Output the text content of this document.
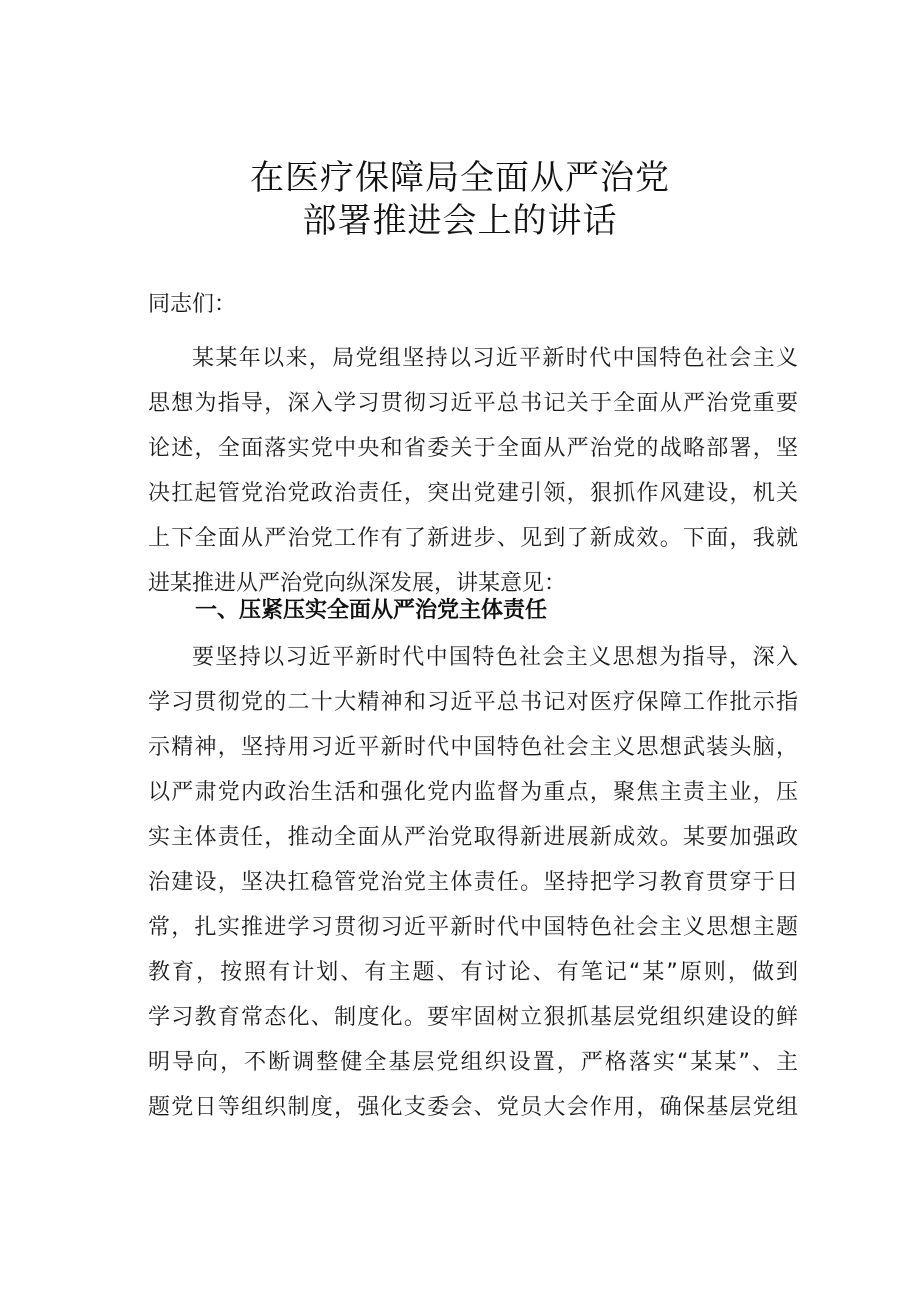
在医疗保障局全面从严治党
部署推进会上的讲话
同志们：
某某年以来，局党组坚持以习近平新时代中国特色社会主义
思想为指导，深入学习贯彻习近平总书记关于全面从严治党重要
论述，全面落实党中央和省委关于全面从严治党的战略部署，坚
决扛起管党治党政治责任，突出党建引领，狠抓作风建设，机关
上下全面从严治党工作有了新进步、见到了新成效。下面，我就
进某推进从严治党向纵深发展，讲某意见：
一、压紧压实全面从严治党主体责任
要坚持以习近平新时代中国特色社会主义思想为指导，深入
学习贯彻党的二十大精神和习近平总书记对医疗保障工作批示指
示精神，坚持用习近平新时代中国特色社会主义思想武装头脑，
以严肃党内政治生活和强化党内监督为重点，聚焦主责主业，压
实主体责任，推动全面从严治党取得新进展新成效。某要加强政
治建设，坚决扛稳管党治党主体责任。坚持把学习教育贯穿于日
常，扎实推进学习贯彻习近平新时代中国特色社会主义思想主题
教育，按照有计划、有主题、有讨论、有笔记“某”原则，做到
学习教育常态化、制度化。要牢固树立狠抓基层党组织建设的鲜
明导向，不断调整健全基层党组织设置，严格落实“某某”、主
题党日等组织制度，强化支委会、党员大会作用，确保基层党组
